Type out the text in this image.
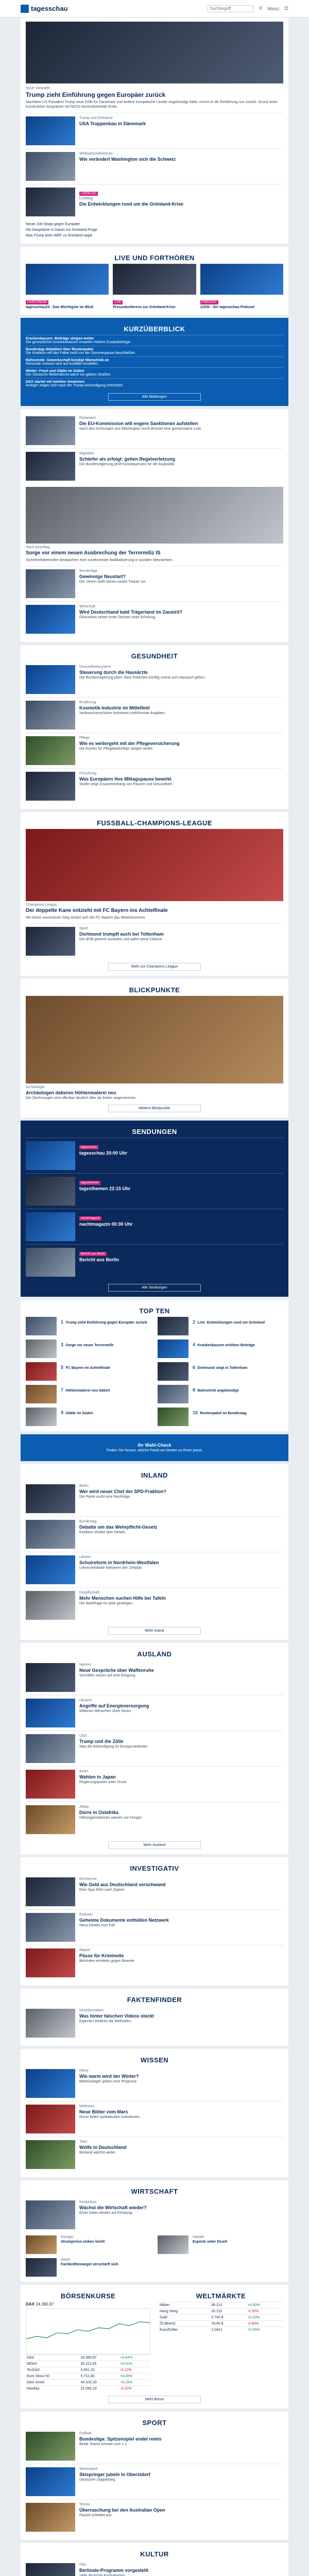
tagesschau
Suchbegriff	⚲ Menü ☰
Neue Vorwürfe
Trump zieht Einführung gegen Europäer zurück
Nachdem US-Präsident Trump neue Zölle für Dänemark und andere europäische Länder angekündigt hatte, nimmt er die Einführung nun zurück. Grund seien konstruktive Gespräche mit NATO-Generalsekretär Rutte.
Trump und Grönland
USA Truppenbau in Dänemark
Weltwirtschaftsforum
Wie verändert Washington sich die Schweiz
LIVEBLOG
Liveblog
Die Entwicklungen rund um die Grönland-Krise
Neuer Zoll-Stopp gegen Europäer
Die Gespräche in Davos zur Grönland-Frage
Was Trump beim WEF zu Grönland sagte
LIVE UND FORTHÖREN
LIVESTREAM
tagesschau24 - Das Wichtigste im Blick
LIVE
Pressekonferenz zur Grönland-Krise
PODCAST
11KM - der tagesschau-Podcast
KURZÜBERBLICK
Krankenkassen: Beiträge steigen weiter
Die gesetzlichen Krankenkassen erwarten höhere Zusatzbeiträge.
Bundestag debattiert über Rentenpaket
Die Koalition will das Paket noch vor der Sommerpause beschließen.
Bahnstreik: Gewerkschaft kündigt Warnstreik an
Reisende müssen sich auf Ausfälle einstellen.
Wetter: Frost und Glätte im Süden
Der Deutsche Wetterdienst warnt vor glatten Straßen.
DAX startet mit leichten Gewinnen
Anleger zeigen sich nach der Trump-Ankündigung erleichtert.
Alle Meldungen
Parlament
Die EU-Kommission will engere Sanktionen aufstellen
Nach den Drohungen aus Washington sucht Brüssel eine gemeinsame Linie.
Migration
Schärfer als erfolgt: gelten Regelverletzung
Die Bundesregierung prüft Konsequenzen für die Asylpolitik.
Nach Anschlag
Sorge vor einem neuen Ausbrechung der Terrormiliz IS
Sicherheitsbehörden beobachten eine zunehmende Radikalisierung in sozialen Netzwerken.
Bundesliga
Gewinnige Neustart?
Der Verein stellt seinen neuen Trainer vor.
Wirtschaft
Wird Deutschland bald Trägerland im Zaustrit?
Ökonomen sehen erste Zeichen einer Erholung.
GESUNDHEIT
Gesundheitssystem
Steuerung durch die Hausärzte
Die Bundesregierung plant, dass Patienten künftig zuerst zum Hausarzt gehen.
Ernährung
Kosmetik-Industrie im Mittelfeld
Verbraucherschützer kritisieren irreführende Angaben.
Pflege
Wie es weitergeht mit der Pflegeversicherung
Die Kosten für Pflegebedürftige steigen weiter.
Forschung
Was Europäern ihre Mittagspause bewirkt
Studie zeigt Zusammenhang von Pausen und Gesundheit.
FUSSBALL-CHAMPIONS-LEAGUE
Champions League
Der doppelte Kane entzieht mit FC Bayern ins Achtelfinale
Mit einem souveränen Sieg sichert sich der FC Bayern das Weiterkommen.
Sport
Dortmund trumpft auch bei Tottenham
Der BVB gewinnt auswärts und wahrt seine Chance.
Mehr zur Champions League
BLICKPUNKTE
Archäologie
Archäologen datieren Höhlenmalerei neu
Die Zeichnungen sind offenbar deutlich älter als bisher angenommen.
Weitere Blickpunkte
SENDUNGEN
tagesschau
tagesschau 20:00 Uhr
tagesthemen
tagesthemen 22:15 Uhr
nachtmagazin
nachtmagazin 00:30 Uhr
Bericht aus Berlin
Bericht aus Berlin
Alle Sendungen
TOP TEN
1 Trump zieht Einführung gegen Europäer zurück	2 Live: Entwicklungen rund um Grönland
3 Sorge vor neuer Terrorwelle	4 Krankenkassen erhöhen Beiträge
5 FC Bayern im Achtelfinale	6 Dortmund siegt in Tottenham
7 Höhlenmalerei neu datiert	8 Bahnstreik angekündigt
9 Glätte im Süden	10 Rentenpaket im Bundestag
Ihr Wahl-Check
Finden Sie heraus, welche Partei am besten zu Ihnen passt.
INLAND
Berlin
Wer wird neuer Chef der SPD-Fraktion?
Die Partei sucht eine Nachfolge.
Bundestag
Debatte um das Wehrpflicht-Gesetz
Koalition streitet über Details.
Länder
Schulreform in Nordrhein-Westfalen
Lehrerverbände kritisieren den Zeitplan.
Gesellschaft
Mehr Menschen suchen Hilfe bei Tafeln
Die Nachfrage ist stark gestiegen.
Mehr Inland
AUSLAND
Nahost
Neue Gespräche über Waffenruhe
Vermittler setzen auf eine Einigung.
Ukraine
Angriffe auf Energieversorgung
Millionen Menschen ohne Strom.
USA
Trump und die Zölle
Was die Ankündigung für Europa bedeutet.
Asien
Wahlen in Japan
Regierungspartei unter Druck.
Afrika
Dürre in Ostafrika
Hilfsorganisationen warnen vor Hunger.
Mehr Ausland
INVESTIGATIV
Recherche
Wie Geld aus Deutschland verschwand
Eine Spur führt nach Zypern.
Exklusiv
Geheime Dokumente enthüllen Netzwerk
Neue Details zum Fall.
Report
Pässe für Kriminelle
Behörden ermitteln gegen Beamte.
FAKTENFINDER
Desinformation
Was hinter falschen Videos steckt
Experten erklären die Methoden.
WISSEN
Klima
Wie warm wird der Winter?
Meteorologen geben eine Prognose.
Weltraum
Neue Bilder vom Mars
Rover liefert spektakuläre Aufnahmen.
Tiere
Wölfe in Deutschland
Bestand wächst weiter.
WIRTSCHAFT
Konjunktur
Wächst die Wirtschaft wieder?
Erste Daten deuten auf Erholung.
Energie
Strompreise sinken leicht
Handel
Exporte unter Druck
Arbeit
Fachkräftemangel verschärft sich
BÖRSENKURSE
DAX 24.380,87
DAX	24.380,87	+0,44%
MDAX	30.112,05	+0,31%
TecDAX	3.651,20	-0,12%
Euro Stoxx 50	5.712,40	+0,28%
Dow Jones	44.102,33	+0,15%
Nasdaq	21.045,10	-0,22%
WELTMÄRKTE
Nikkei	39.210	+0,50%
Hang Seng	20.115	-0,35%
Gold	2.745 $	+0,10%
Öl (Brent)	78,40 $	-0,60%
Euro/Dollar	1,0412	+0,05%
Mehr Börse
SPORT
Fußball
Bundesliga: Spitzenspiel endet remis
Beide Teams trennen sich 1:1.
Wintersport
Skispringer jubeln in Oberstdorf
Deutscher Doppelsieg.
Tennis
Überraschung bei den Australian Open
Favorit scheidet aus.
KULTUR
Film
Berlinale-Programm vorgestellt
Viele deutsche Produktionen.
